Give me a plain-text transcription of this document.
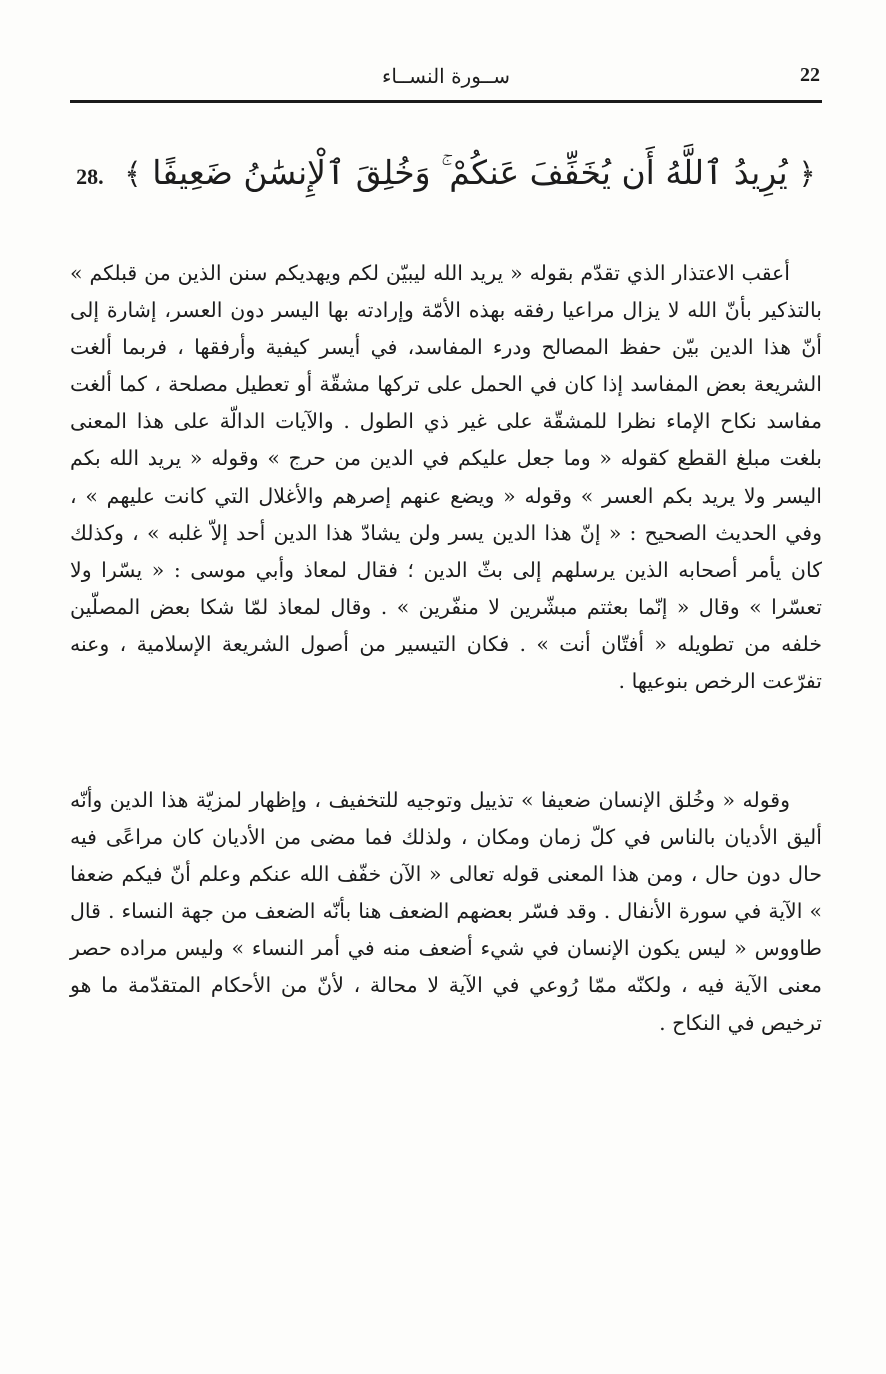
22
ســورة النســاء
﴿ يُرِيدُ ٱللَّهُ أَن يُخَفِّفَ عَنكُمْ ۚ وَخُلِقَ ٱلْإِنسَٰنُ ضَعِيفًا ﴾ 28.

أعقب الاعتذار الذي تقدّم بقوله « يريد الله ليبيّن لكم ويهديكم سنن الذين من قبلكم » بالتذكير بأنّ الله لا يزال مراعيا رفقه بهذه الأمّة وإرادته بها اليسر دون العسر، إشارة إلى أنّ هذا الدين بيّن حفظ المصالح ودرء المفاسد، في أيسر كيفية وأرفقها ، فربما ألغت الشريعة بعض المفاسد إذا كان في الحمل على تركها مشقّة أو تعطيل مصلحة ، كما ألغت مفاسد نكاح الإماء نظرا للمشقّة على غير ذي الطول . والآيات الدالّة على هذا المعنى بلغت مبلغ القطع كقوله « وما جعل عليكم في الدين من حرج » وقوله « يريد الله بكم اليسر ولا يريد بكم العسر » وقوله « ويضع عنهم إصرهم والأغلال التي كانت عليهم » ، وفي الحديث الصحيح : « إنّ هذا الدين يسر ولن يشادّ هذا الدين أحد إلاّ غلبه » ، وكذلك كان يأمر أصحابه الذين يرسلهم إلى بثّ الدين ؛ فقال لمعاذ وأبي موسى : « يسّرا ولا تعسّرا » وقال « إنّما بعثتم مبشّرين لا منفّرين » . وقال لمعاذ لمّا شكا بعض المصلّين خلفه من تطويله « أفتّان أنت » . فكان التيسير من أصول الشريعة الإسلامية ، وعنه تفرّعت الرخص بنوعيها .

وقوله « وخُلق الإنسان ضعيفا » تذييل وتوجيه للتخفيف ، وإظهار لمزيّة هذا الدين وأنّه أليق الأديان بالناس في كلّ زمان ومكان ، ولذلك فما مضى من الأديان كان مراعًى فيه حال دون حال ، ومن هذا المعنى قوله تعالى « الآن خفّف الله عنكم وعلم أنّ فيكم ضعفا » الآية في سورة الأنفال . وقد فسّر بعضهم الضعف هنا بأنّه الضعف من جهة النساء . قال طاووس « ليس يكون الإنسان في شيء أضعف منه في أمر النساء » وليس مراده حصر معنى الآية فيه ، ولكنّه ممّا رُوعي في الآية لا محالة ، لأنّ من الأحكام المتقدّمة ما هو ترخيص في النكاح .
